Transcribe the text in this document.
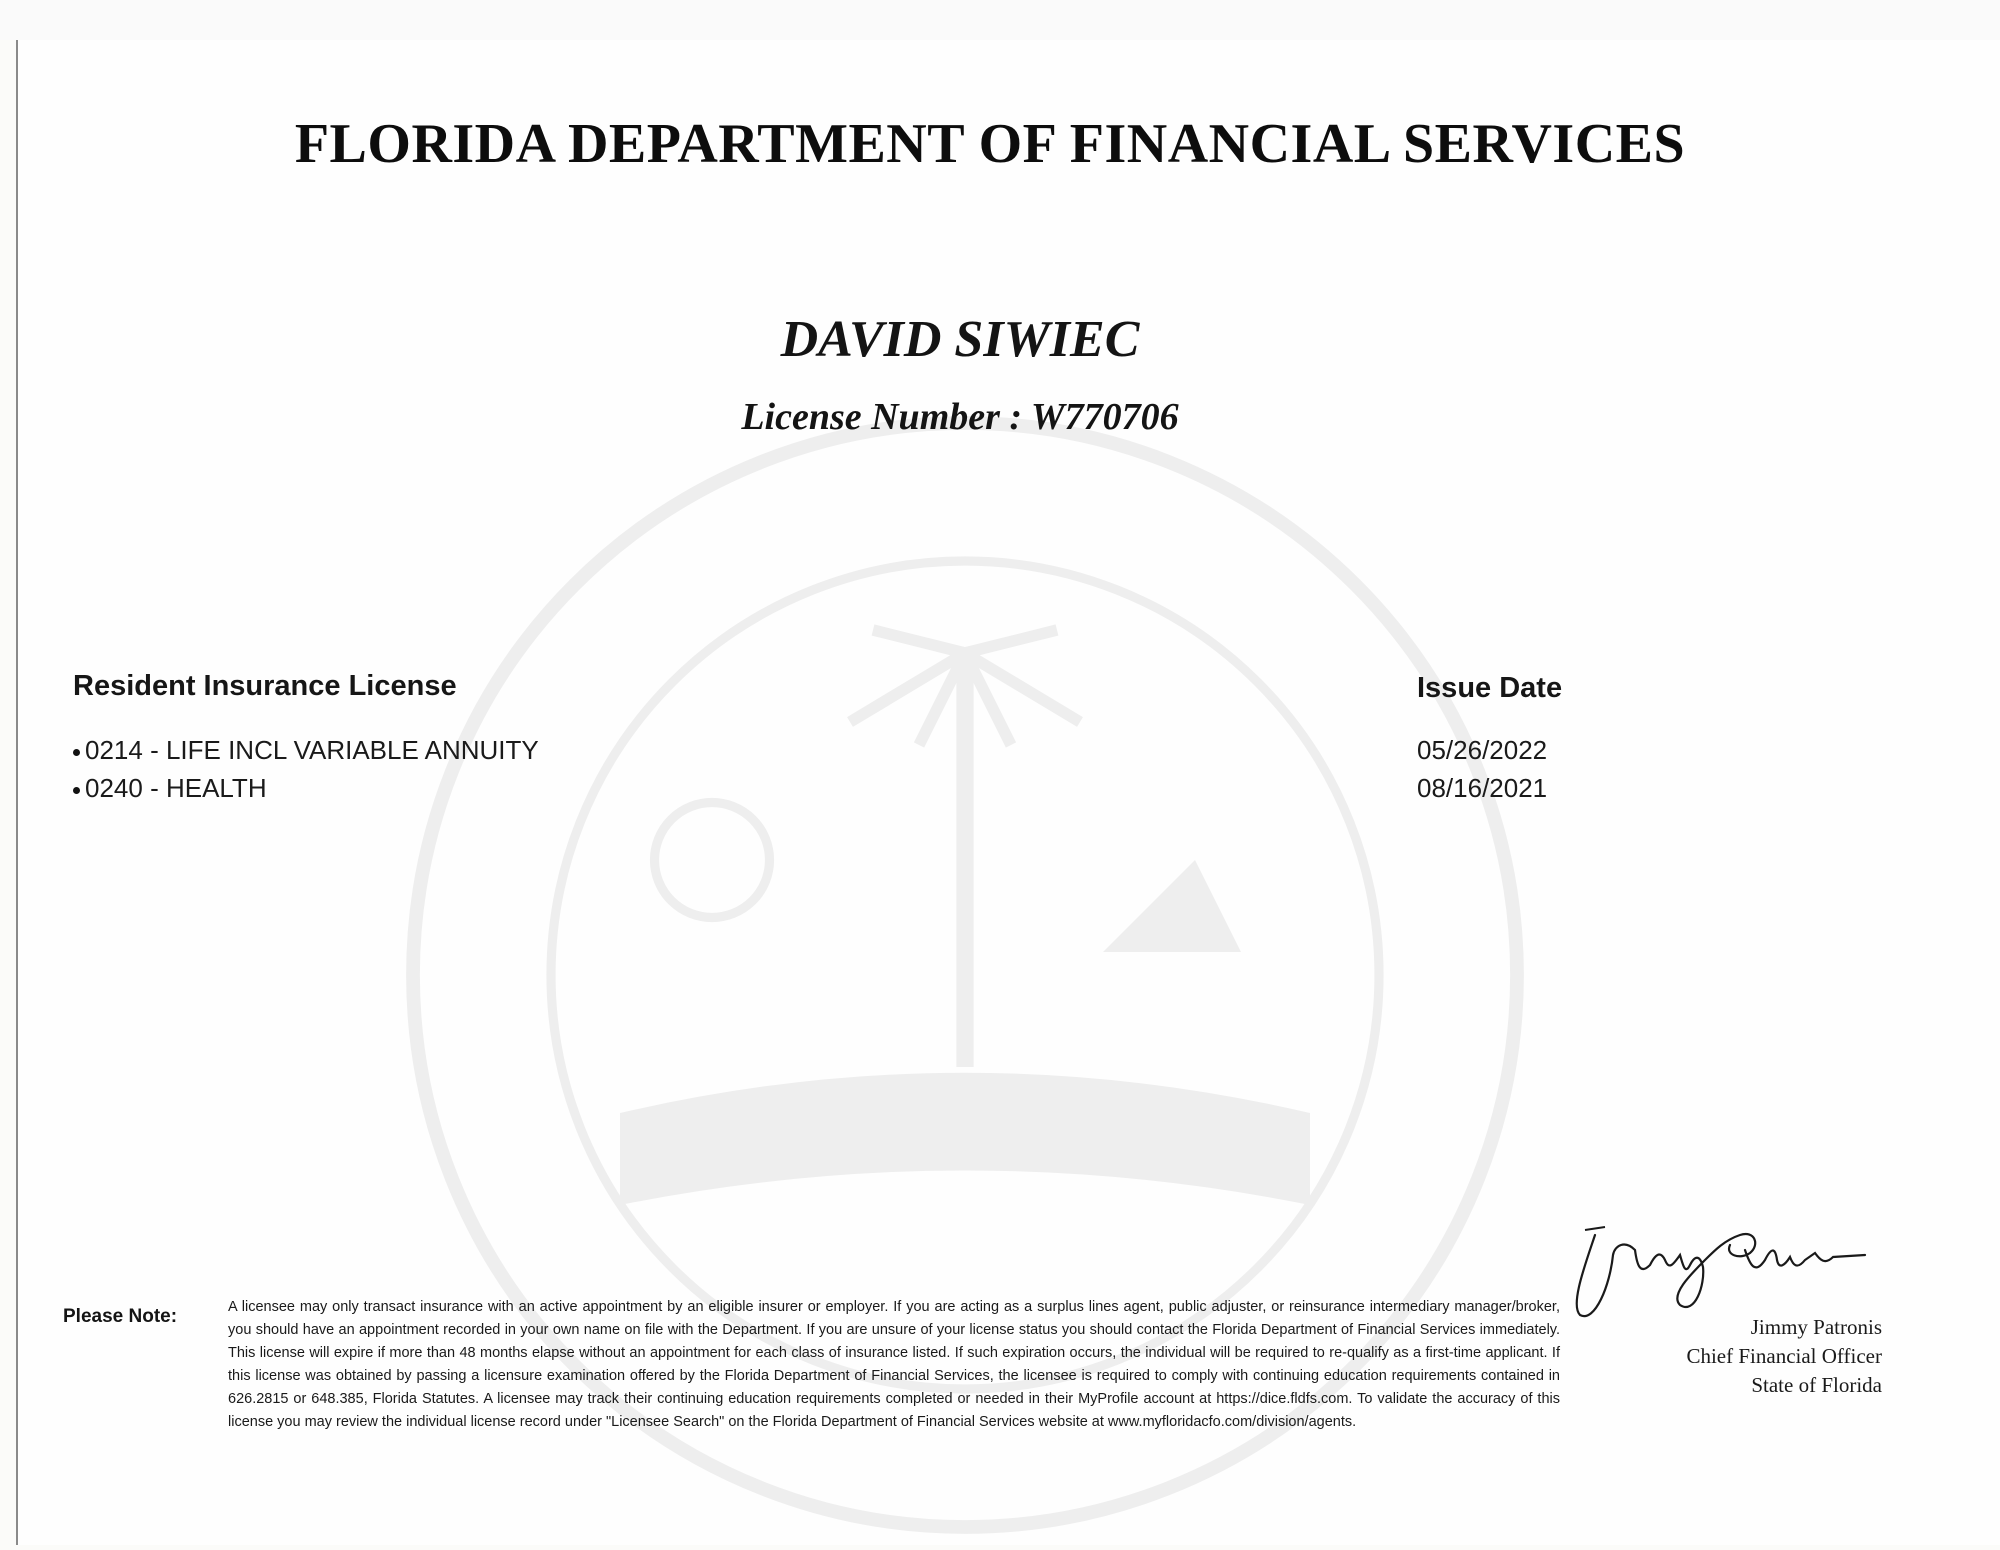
FLORIDA DEPARTMENT OF FINANCIAL SERVICES
DAVID SIWIEC
License Number : W770706
Resident Insurance License	Issue Date
0214 - LIFE INCL VARIABLE ANNUITY
0240 - HEALTH
05/26/2022
08/16/2021
Please Note:	A licensee may only transact insurance with an active appointment by an eligible insurer or employer. If you are acting as a surplus lines agent, public adjuster, or reinsurance intermediary manager/broker, you should have an appointment recorded in your own name on file with the Department. If you are unsure of your license status you should contact the Florida Department of Financial Services immediately. This license will expire if more than 48 months elapse without an appointment for each class of insurance listed. If such expiration occurs, the individual will be required to re-qualify as a first-time applicant. If this license was obtained by passing a licensure examination offered by the Florida Department of Financial Services, the licensee is required to comply with continuing education requirements contained in 626.2815 or 648.385, Florida Statutes. A licensee may track their continuing education requirements completed or needed in their MyProfile account at https://dice.fldfs.com. To validate the accuracy of this license you may review the individual license record under "Licensee Search" on the Florida Department of Financial Services website at www.myfloridacfo.com/division/agents.
Jimmy Patronis
Chief Financial Officer
State of Florida
